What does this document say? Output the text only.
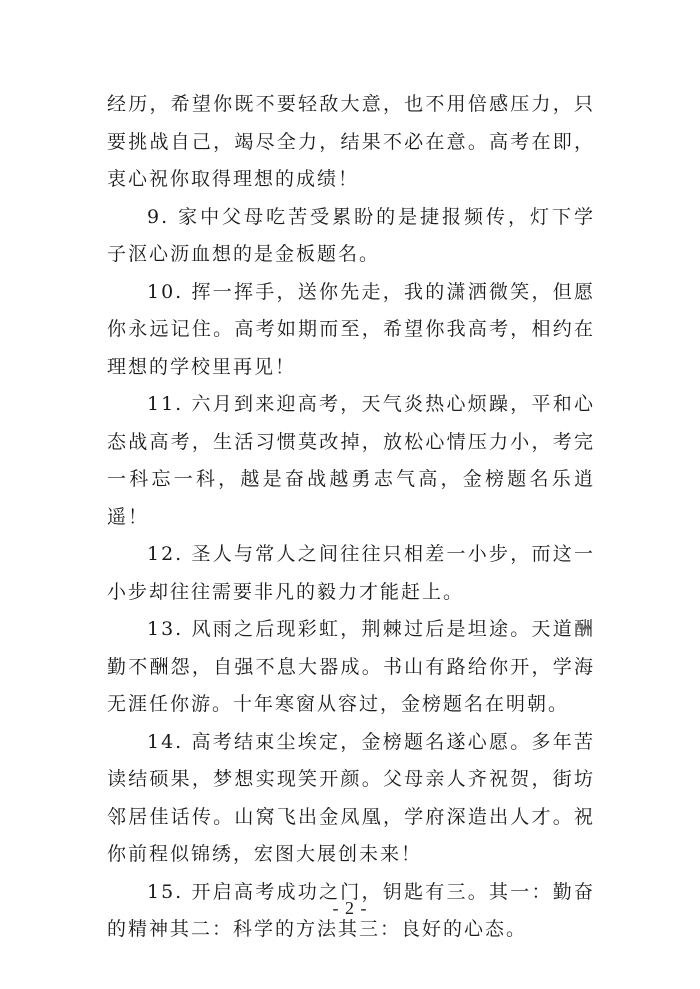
经历，希望你既不要轻敌大意，也不用倍感压力，只要挑战自己，竭尽全力，结果不必在意。高考在即，衷心祝你取得理想的成绩！

9. 家中父母吃苦受累盼的是捷报频传，灯下学子沤心沥血想的是金板题名。

10. 挥一挥手，送你先走，我的潇洒微笑，但愿你永远记住。高考如期而至，希望你我高考，相约在理想的学校里再见！

11. 六月到来迎高考，天气炎热心烦躁，平和心态战高考，生活习惯莫改掉，放松心情压力小，考完一科忘一科，越是奋战越勇志气高，金榜题名乐逍遥！

12. 圣人与常人之间往往只相差一小步，而这一小步却往往需要非凡的毅力才能赶上。

13. 风雨之后现彩虹，荆棘过后是坦途。天道酬勤不酬怨，自强不息大器成。书山有路给你开，学海无涯任你游。十年寒窗从容过，金榜题名在明朝。

14. 高考结束尘埃定，金榜题名遂心愿。多年苦读结硕果，梦想实现笑开颜。父母亲人齐祝贺，街坊邻居佳话传。山窝飞出金凤凰，学府深造出人才。祝你前程似锦绣，宏图大展创未来！

15. 开启高考成功之门，钥匙有三。其一：勤奋的精神其二：科学的方法其三：良好的心态。

- 2 -
